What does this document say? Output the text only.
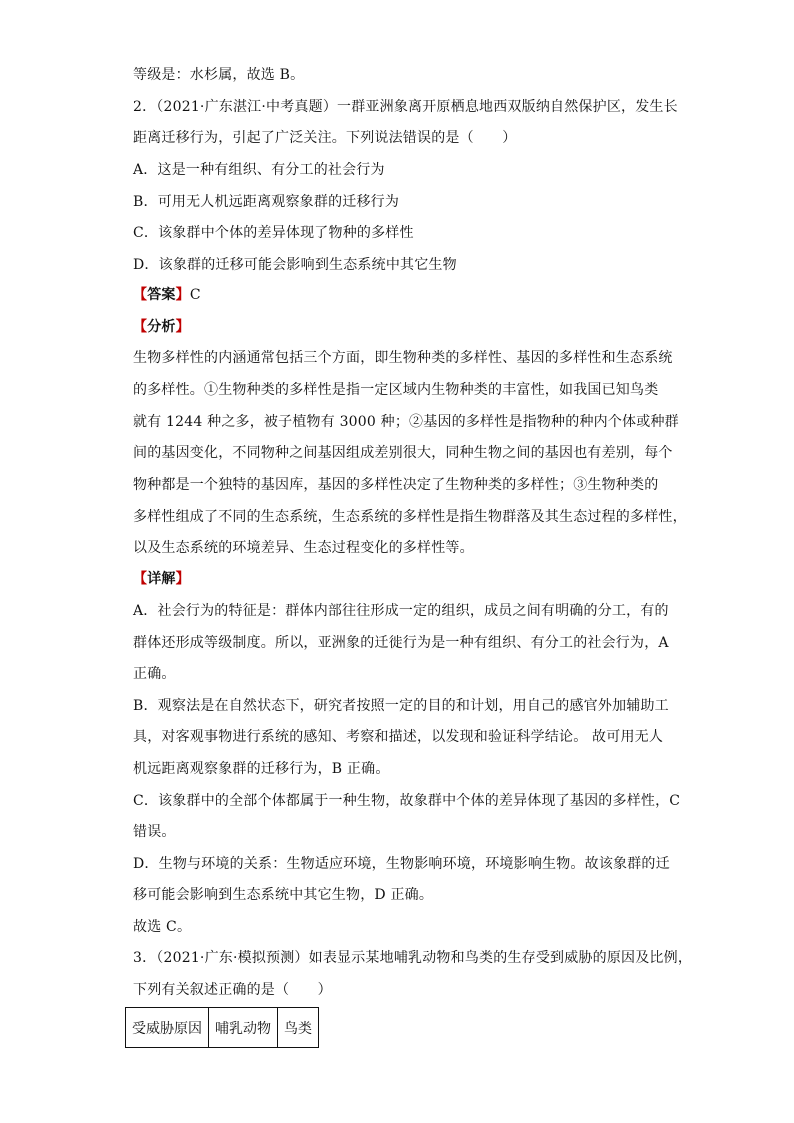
等级是：水杉属，故选 B。
2．（2021·广东湛江·中考真题）一群亚洲象离开原栖息地西双版纳自然保护区，发生长
距离迁移行为，引起了广泛关注。下列说法错误的是（　　）
A．这是一种有组织、有分工的社会行为
B．可用无人机远距离观察象群的迁移行为
C．该象群中个体的差异体现了物种的多样性
D．该象群的迁移可能会影响到生态系统中其它生物
【答案】C
【分析】
生物多样性的内涵通常包括三个方面，即生物种类的多样性、基因的多样性和生态系统
的多样性。①生物种类的多样性是指一定区域内生物种类的丰富性，如我国已知鸟类
就有 1244 种之多，被子植物有 3000 种；②基因的多样性是指物种的种内个体或种群
间的基因变化，不同物种之间基因组成差别很大，同种生物之间的基因也有差别，每个
物种都是一个独特的基因库，基因的多样性决定了生物种类的多样性；③生物种类的
多样性组成了不同的生态系统，生态系统的多样性是指生物群落及其生态过程的多样性，
以及生态系统的环境差异、生态过程变化的多样性等。
【详解】
A．社会行为的特征是：群体内部往往形成一定的组织，成员之间有明确的分工，有的
群体还形成等级制度。所以，亚洲象的迁徙行为是一种有组织、有分工的社会行为，A
正确。
B．观察法是在自然状态下，研究者按照一定的目的和计划，用自己的感官外加辅助工
具，对客观事物进行系统的感知、考察和描述，以发现和验证科学结论。 故可用无人
机远距离观察象群的迁移行为，B 正确。
C．该象群中的全部个体都属于一种生物，故象群中个体的差异体现了基因的多样性，C
错误。
D．生物与环境的关系：生物适应环境，生物影响环境，环境影响生物。故该象群的迁
移可能会影响到生态系统中其它生物，D 正确。
故选 C。
3．（2021·广东·模拟预测）如表显示某地哺乳动物和鸟类的生存受到威胁的原因及比例，
下列有关叙述正确的是（　　）
受威胁原因	哺乳动物	鸟类
